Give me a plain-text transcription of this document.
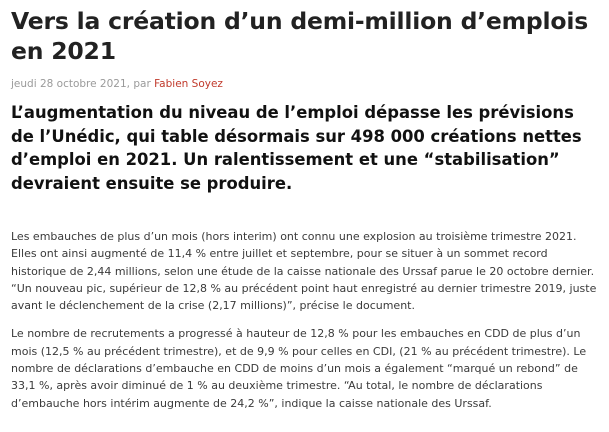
Vers la création d’un demi-million d’emplois en 2021
jeudi 28 octobre 2021, par Fabien Soyez

L’augmentation du niveau de l’emploi dépasse les prévisions de l’Unédic, qui table désormais sur 498 000 créations nettes d’emploi en 2021. Un ralentissement et une “stabilisation” devraient ensuite se produire.

Les embauches de plus d’un mois (hors interim) ont connu une explosion au troisième trimestre 2021. Elles ont ainsi augmenté de 11,4 % entre juillet et septembre, pour se situer à un sommet record historique de 2,44 millions, selon une étude de la caisse nationale des Urssaf parue le 20 octobre dernier. “Un nouveau pic, supérieur de 12,8 % au précédent point haut enregistré au dernier trimestre 2019, juste avant le déclenchement de la crise (2,17 millions)”, précise le document.

Le nombre de recrutements a progressé à hauteur de 12,8 % pour les embauches en CDD de plus d’un mois (12,5 % au précédent trimestre), et de 9,9 % pour celles en CDI, (21 % au précédent trimestre). Le nombre de déclarations d’embauche en CDD de moins d’un mois a également “marqué un rebond” de 33,1 %, après avoir diminué de 1 % au deuxième trimestre. “Au total, le nombre de déclarations d’embauche hors intérim augmente de 24,2 %”, indique la caisse nationale des Urssaf.
